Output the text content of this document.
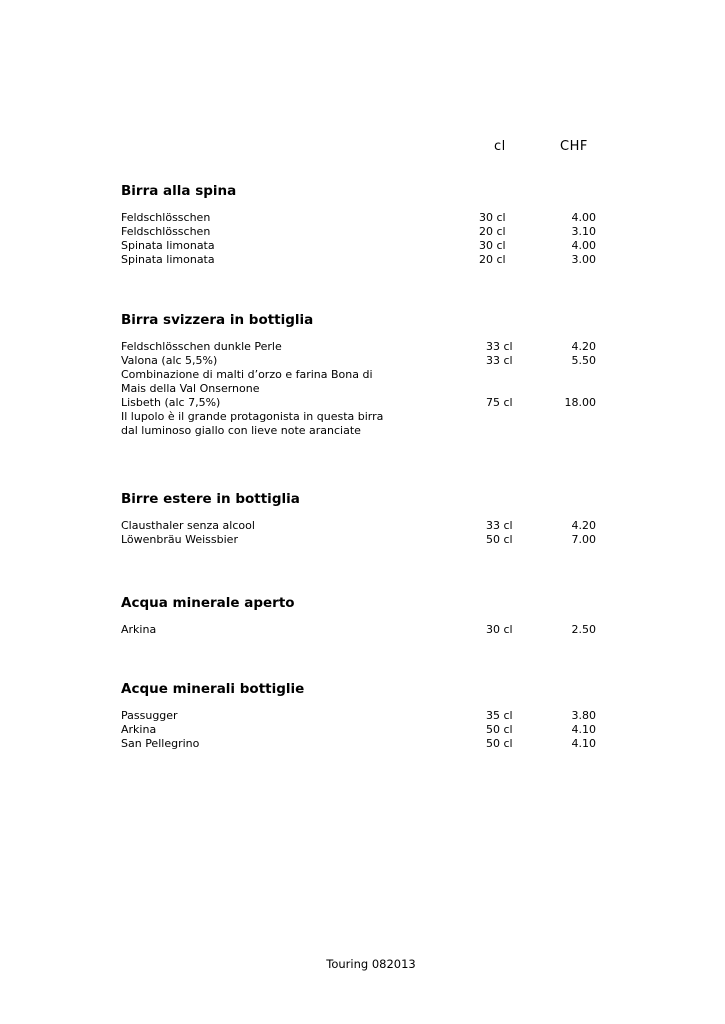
cl	CHF
Birra alla spina
Feldschlösschen	30 cl	4.00
Feldschlösschen	20 cl	3.10
Spinata limonata	30 cl	4.00
Spinata limonata	20 cl	3.00
Birra svizzera in bottiglia
Feldschlösschen dunkle Perle	33 cl	4.20
Valona (alc 5,5%)	33 cl	5.50
Combinazione di malti d’orzo e farina Bona di
Mais della Val Onsernone
Lisbeth (alc 7,5%)	75 cl	18.00
Il lupolo è il grande protagonista in questa birra
dal luminoso giallo con lieve note aranciate
Birre estere in bottiglia
Clausthaler senza alcool	33 cl	4.20
Löwenbräu Weissbier	50 cl	7.00
Acqua minerale aperto
Arkina	30 cl	2.50
Acque minerali bottiglie
Passugger	35 cl	3.80
Arkina	50 cl	4.10
San Pellegrino	50 cl	4.10
Touring 082013
